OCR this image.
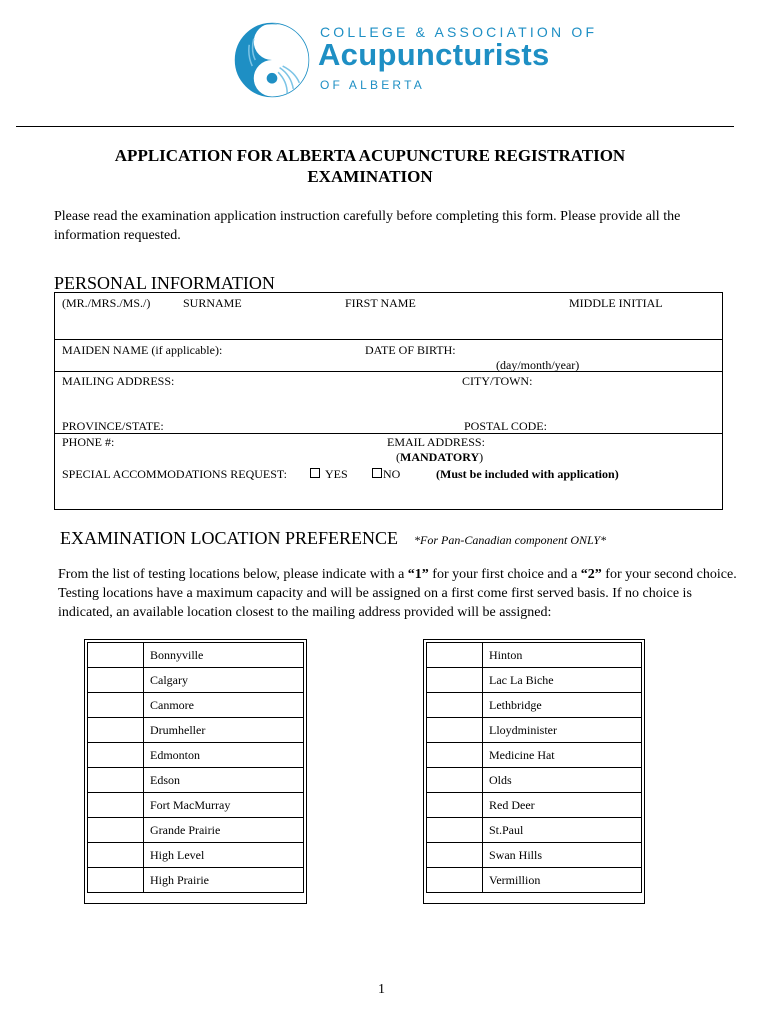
COLLEGE & ASSOCIATION OF
Acupuncturists
OF ALBERTA
APPLICATION FOR ALBERTA ACUPUNCTURE REGISTRATION
EXAMINATION
Please read the examination application instruction carefully before completing this form. Please provide all the information requested.
PERSONAL INFORMATION
(MR./MRS./MS./)	SURNAME	FIRST NAME	MIDDLE INITIAL
MAIDEN NAME (if applicable):	DATE OF BIRTH:
(day/month/year)
MAILING ADDRESS:	CITY/TOWN:
PROVINCE/STATE:	POSTAL CODE:
PHONE #:	EMAIL ADDRESS:
(MANDATORY)
SPECIAL ACCOMMODATIONS REQUEST:	YES	NO	(Must be included with application)
EXAMINATION LOCATION PREFERENCE *For Pan-Canadian component ONLY*
From the list of testing locations below, please indicate with a “1” for your first choice and a “2” for your second choice. Testing locations have a maximum capacity and will be assigned on a first come first served basis. If no choice is indicated, an available location closest to the mailing address provided will be assigned:
	Bonnyville
	Calgary
	Canmore
	Drumheller
	Edmonton
	Edson
	Fort MacMurray
	Grande Prairie
	High Level
	High Prairie
	Hinton
	Lac La Biche
	Lethbridge
	Lloydminister
	Medicine Hat
	Olds
	Red Deer
	St.Paul
	Swan Hills
	Vermillion
1
